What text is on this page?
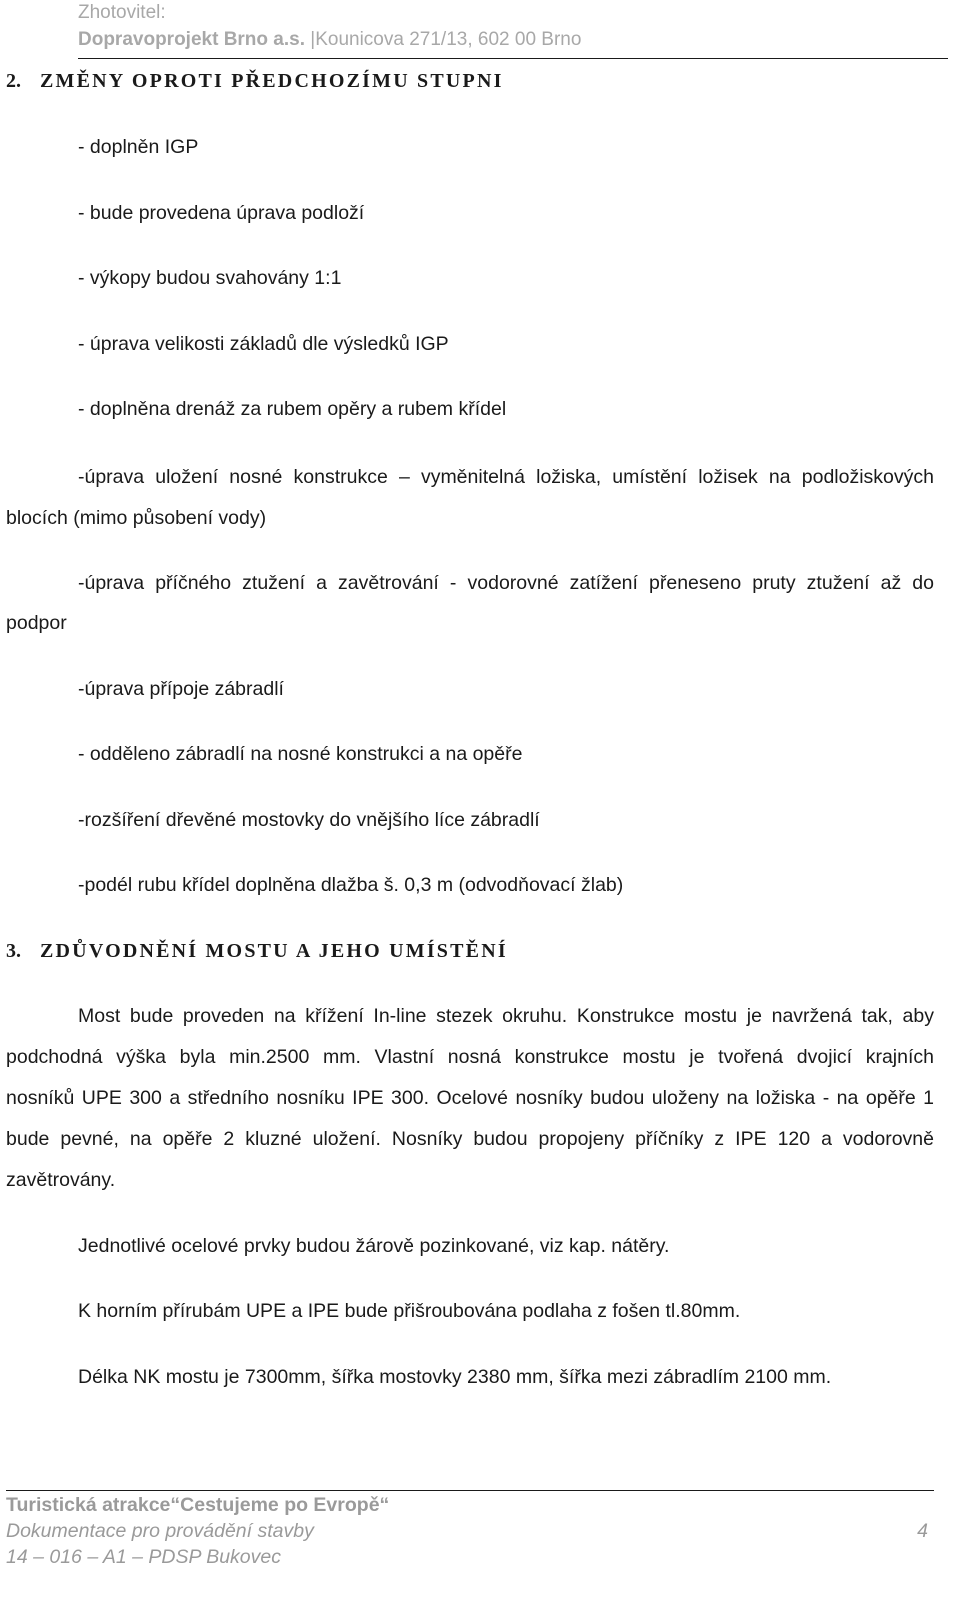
Zhotovitel:
Dopravoprojekt Brno a.s. |Kounicova 271/13, 602 00 Brno
2. ZMĚNY OPROTI PŘEDCHOZÍMU STUPNI
- doplněn IGP
- bude provedena úprava podloží
- výkopy budou svahovány 1:1
- úprava velikosti základů dle výsledků IGP
- doplněna drenáž za rubem opěry a rubem křídel
-úprava uložení nosné konstrukce – vyměnitelná ložiska, umístění ložisek na podložiskových
blocích (mimo působení vody)
-úprava příčného ztužení a zavětrování - vodorovné zatížení přeneseno pruty ztužení až do
podpor
-úprava přípoje zábradlí
- odděleno zábradlí na nosné konstrukci a na opěře
-rozšíření dřevěné mostovky do vnějšího líce zábradlí
-podél rubu křídel doplněna dlažba š. 0,3 m (odvodňovací žlab)
3. ZDŮVODNĚNÍ MOSTU A JEHO UMÍSTĚNÍ
Most bude proveden na křížení In-line stezek okruhu. Konstrukce mostu je navržená tak, aby
podchodná výška byla min.2500 mm. Vlastní nosná konstrukce mostu je tvořená dvojicí krajních
nosníků UPE 300 a středního nosníku IPE 300. Ocelové nosníky budou uloženy na ložiska - na opěře 1
bude pevné, na opěře 2 kluzné uložení. Nosníky budou propojeny příčníky z IPE 120 a vodorovně
zavětrovány.
Jednotlivé ocelové prvky budou žárově pozinkované, viz kap. nátěry.
K horním přírubám UPE a IPE bude přišroubována podlaha z fošen tl.80mm.
Délka NK mostu je 7300mm, šířka mostovky 2380 mm, šířka mezi zábradlím 2100 mm.
Turistická atrakce“Cestujeme po Evropě“
Dokumentace pro provádění stavby	4
14 – 016 – A1 – PDSP Bukovec
